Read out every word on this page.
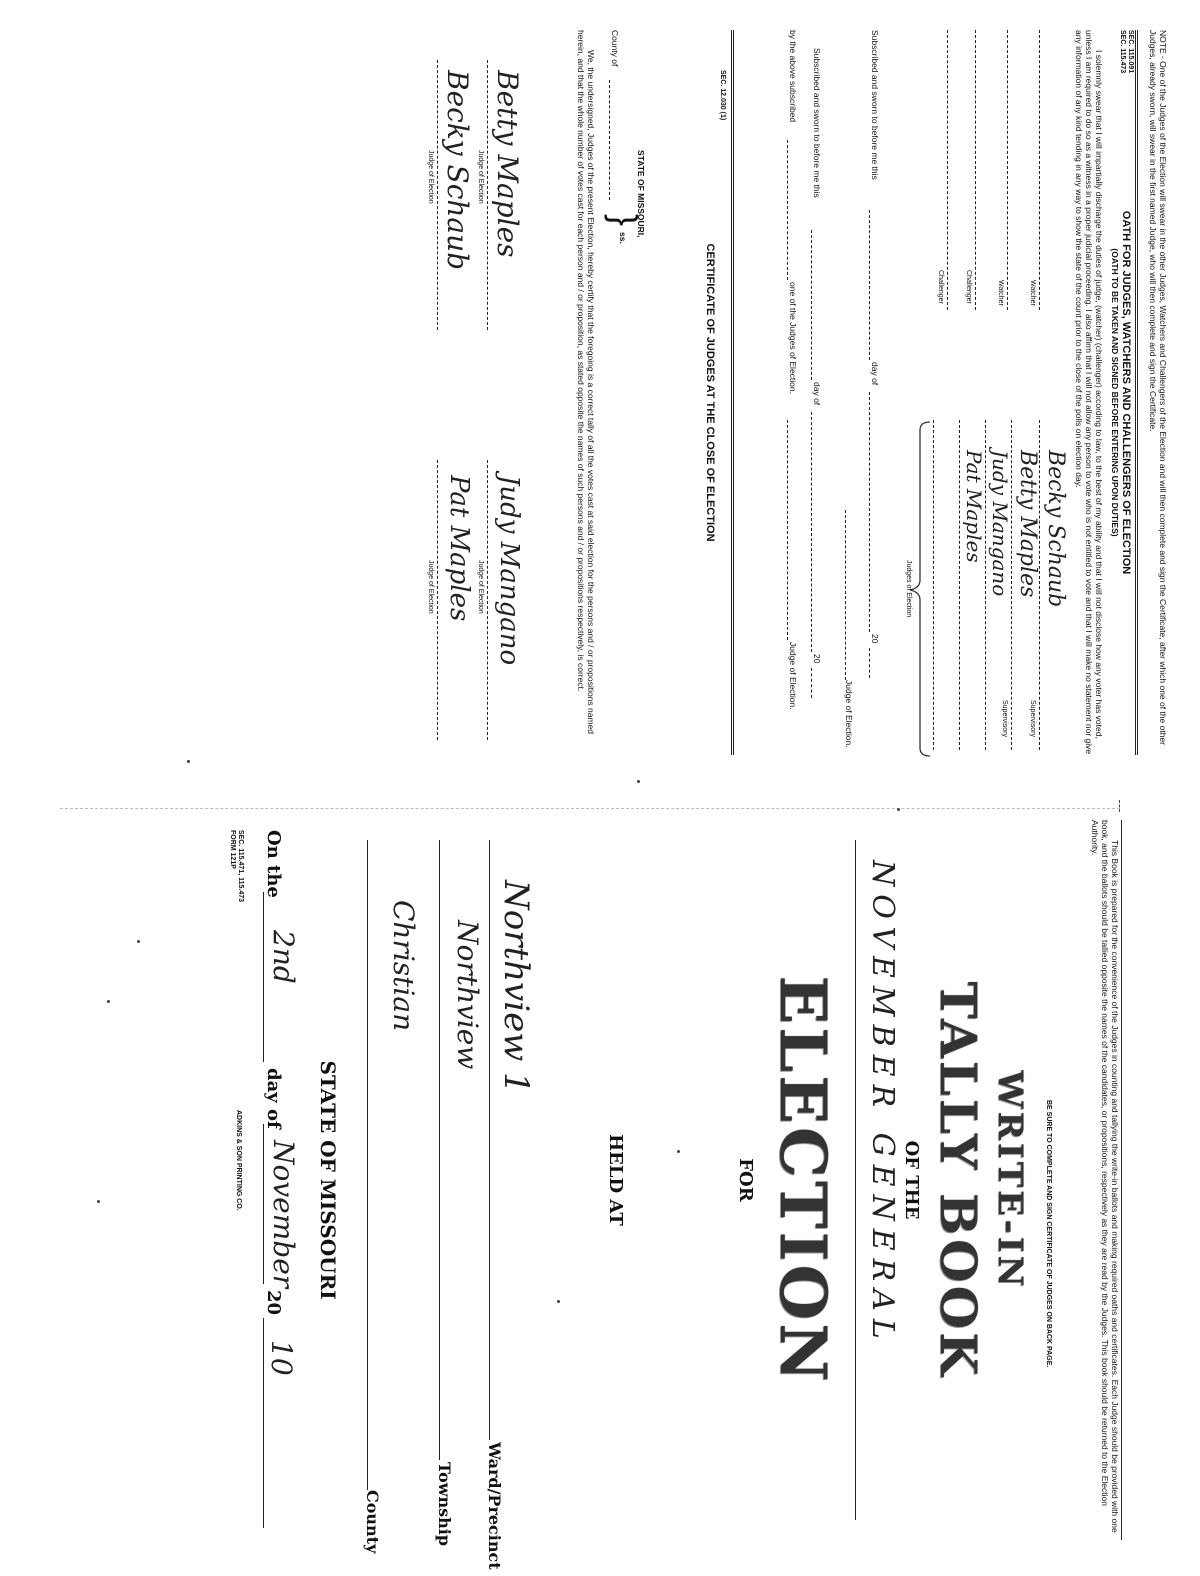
NOTE - One of the Judges of the Election will swear in the other Judges, Watchers and Challengers of the Election and will then complete and sign the Certificate, after which one of the other Judges, already sworn, will swear in the first named Judge, who will then complete and sign the Certificate.
SEC. 115.091
SEC. 115.473
OATH FOR JUDGES, WATCHERS AND CHALLENGERS OF ELECTION
(OATH TO BE TAKEN AND SIGNED BEFORE ENTERING UPON DUTIES)
I solemnly swear that I will impartially discharge the duties of judge, (watcher) (challenger) according to law, to the best of my ability and that I will not disclose how any voter has voted, unless I am required to do so as a witness in a proper judicial proceeding. I also affirm that I will not allow any person to vote who is not entitled to vote and that I will make no statement nor give any information of any kind tending in any way to show the state of the count prior to the close of the polls on election day.
Watcher
Watcher
Challenger
Challenger
Becky Schaub
Supervisory
Betty Maples
Supervisory
Judy Mangano
Pat Maples
Judges of Election
Subscribed and sworn to before me this
day of
20
Judge of Election.
Subscribed and sworn to before me this
day of
20
by the above subscribed
one of the Judges of Election.
Judge of Election.
SEC. 12.030 (1)
CERTIFICATE OF JUDGES AT THE CLOSE OF ELECTION
STATE OF MISSOURI,
County of
}
ss.
We, the undersigned, Judges of the present Election, hereby certify that the foregoing is a correct tally of all the votes cast at said election for the persons and / or propositions named herein, and that the whole number of votes cast for each person and / or proposition, as stated opposite the names of such persons and / or propositions respectively, is correct.
Betty Maples
Judge of Election
Becky Schaub
Judge of Election
Judy Mangano
Judge of Election
Pat Maples
Judge of Election
This Book is prepared for the convenience of the Judges in counting and tallying the write-in ballots and making required oaths and certificates. Each Judge should be provided with one book, and the ballots should be tallied opposite the names of the candidates, or propositions, respectively as they are read by the Judges. This book should be returned to the Election Authority.
BE SURE TO COMPLETE AND SIGN CERTIFICATE OF JUDGES ON BACK PAGE.
WRITE-IN
TALLY BOOK
OF THE
NOVEMBER GENERAL
ELECTION
FOR
HELD AT
Northview 1
Ward/Precinct
Northview
Township
Christian
County
STATE OF MISSOURI
On the
2nd
day of
November
20
10
SEC. 115.471, 115.473
FORM 121P
ADKINS & SON PRINTING CO.
